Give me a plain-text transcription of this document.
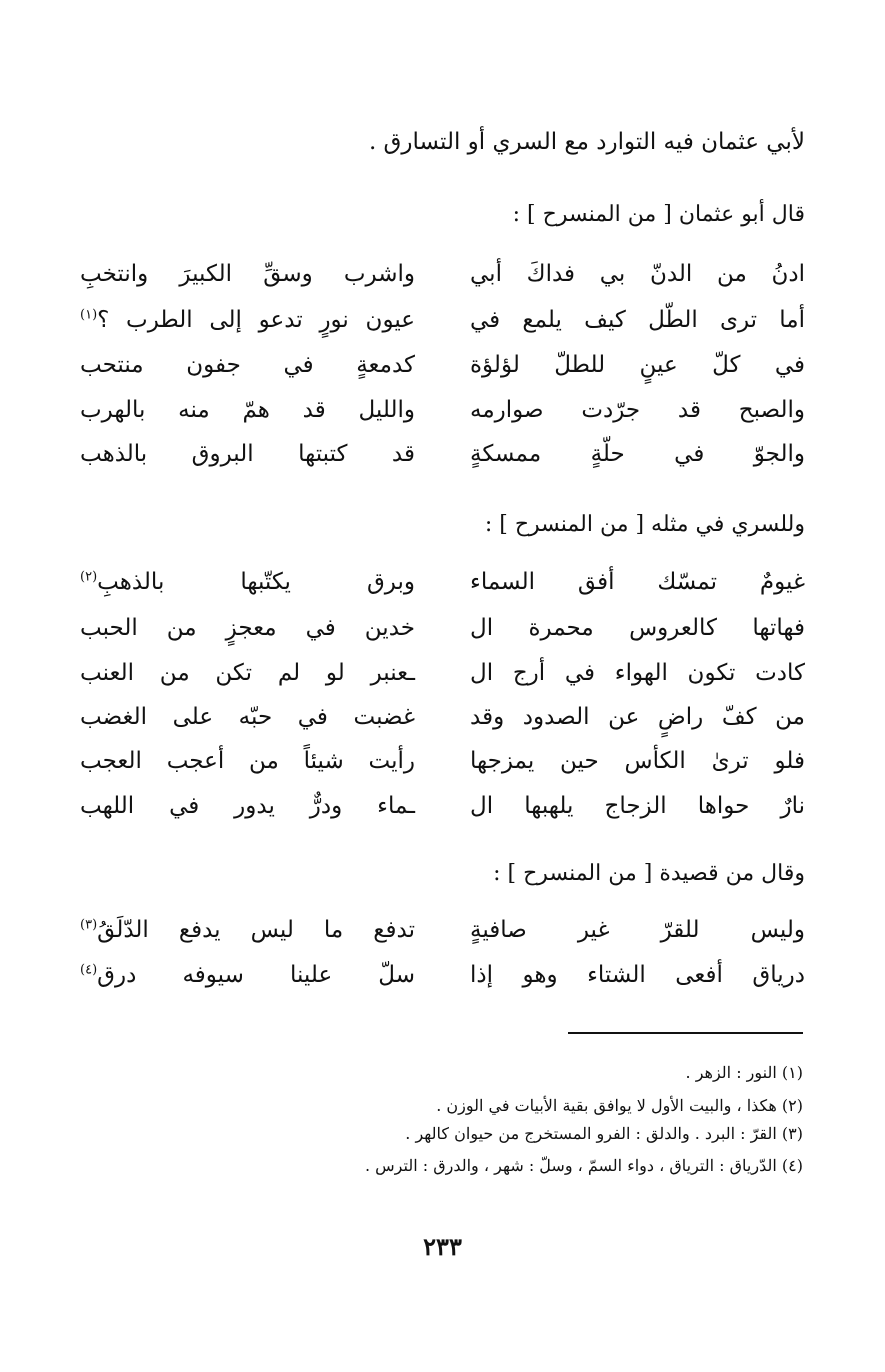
لأبي عثمان فيه التوارد مع السري أو التسارق .
قال أبو عثمان [ من المنسرح ] :
ادنُ من الدنّ بي فداكَ أبي
واشرب وسقِّ الكبيرَ وانتخبِ
أما ترى الطّل كيف يلمع في
عيون نورٍ تدعو إلى الطرب ؟$^{(١)}$
في كلّ عينٍ للطلّ لؤلؤة
كدمعةٍ في جفون منتحب
والصبح قد جرّدت صوارمه
والليل قد همّ منه بالهرب
والجوّ في حلّةٍ ممسكةٍ
قد كتبتها البروق بالذهب
وللسري في مثله [ من المنسرح ] :
غيومٌ تمسّك أفق السماء
وبرق يكتّبها بالذهبِ$^{(٢)}$
فهاتها كالعروس محمرة ال
خدين في معجزٍ من الحبب
كادت تكون الهواء في أرج ال
ـعنبر لو لم تكن من العنب
من كفّ راضٍ عن الصدود وقد
غضبت في حبّه على الغضب
فلو ترىٰ الكأس حين يمزجها
رأيت شيئاً من أعجب العجب
نارٌ حواها الزجاج يلهبها ال
ـماء ودرٌّ يدور في اللهب
وقال من قصيدة [ من المنسرح ] :
وليس للقرّ غير صافيةٍ
تدفع ما ليس يدفع الدّلَقُ$^{(٣)}$
درياق أفعى الشتاء وهو إذا
سلّ علينا سيوفه درق$^{(٤)}$
(١) النور : الزهر .
(٢) هكذا ، والبيت الأول لا يوافق بقية الأبيات في الوزن .
(٣) القرّ : البرد . والدلق : الفرو المستخرج من حيوان كالهر .
(٤) الدّرياق : الترياق ، دواء السمّ ، وسلّ : شهر ، والدرق : الترس .
٢٣٣
